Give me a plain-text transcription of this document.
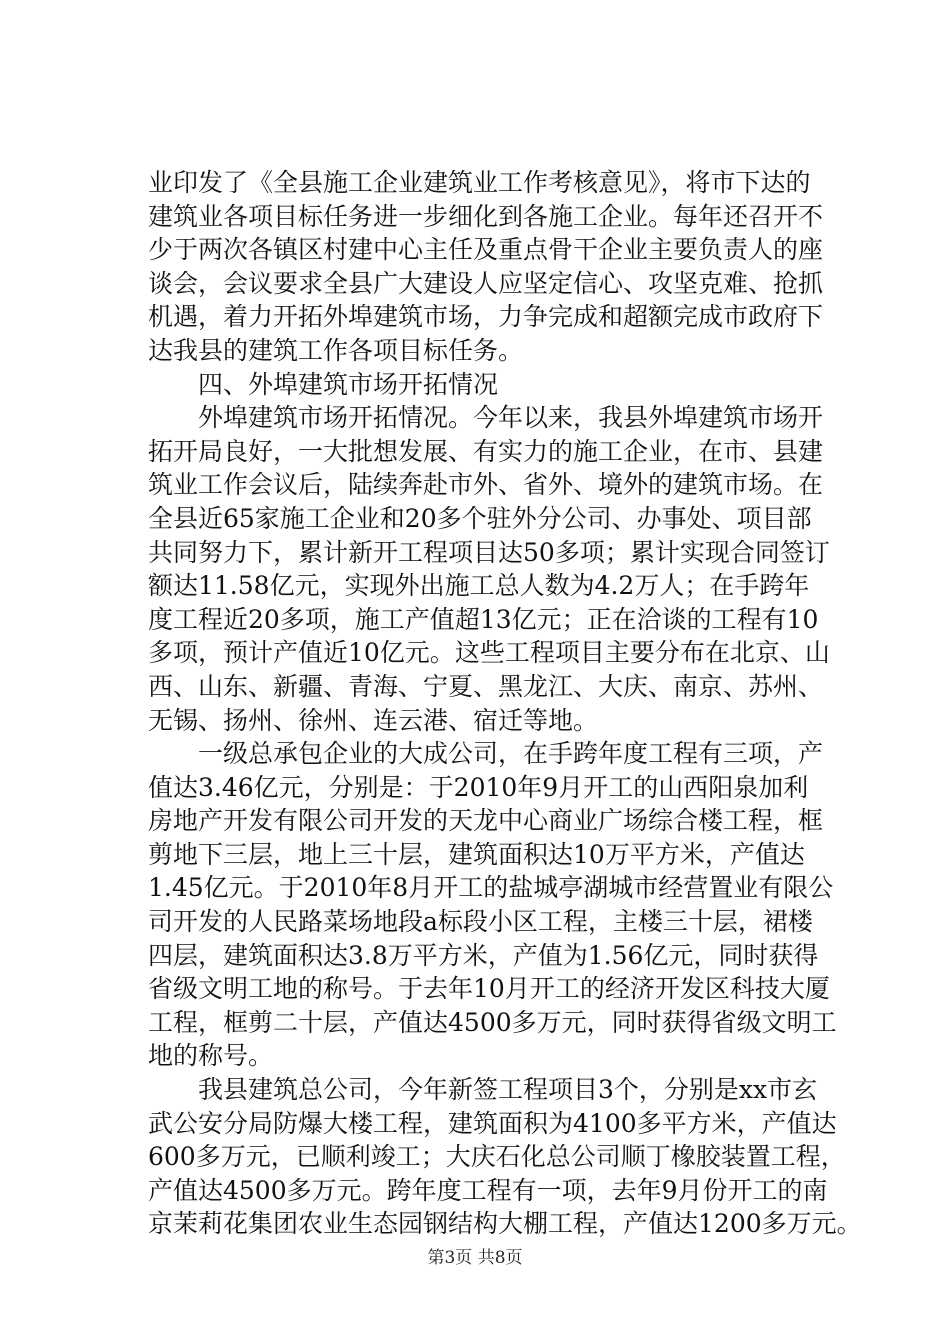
业印发了《全县施工企业建筑业工作考核意见》，将市下达的
建筑业各项目标任务进一步细化到各施工企业。每年还召开不
少于两次各镇区村建中心主任及重点骨干企业主要负责人的座
谈会，会议要求全县广大建设人应坚定信心、攻坚克难、抢抓
机遇，着力开拓外埠建筑市场，力争完成和超额完成市政府下
达我县的建筑工作各项目标任务。
　　四、外埠建筑市场开拓情况
　　外埠建筑市场开拓情况。今年以来，我县外埠建筑市场开
拓开局良好，一大批想发展、有实力的施工企业，在市、县建
筑业工作会议后，陆续奔赴市外、省外、境外的建筑市场。在
全县近65家施工企业和20多个驻外分公司、办事处、项目部
共同努力下，累计新开工程项目达50多项；累计实现合同签订
额达11.58亿元，实现外出施工总人数为4.2万人；在手跨年
度工程近20多项，施工产值超13亿元；正在洽谈的工程有10
多项，预计产值近10亿元。这些工程项目主要分布在北京、山
西、山东、新疆、青海、宁夏、黑龙江、大庆、南京、苏州、
无锡、扬州、徐州、连云港、宿迁等地。
　　一级总承包企业的大成公司，在手跨年度工程有三项，产
值达3.46亿元，分别是：于2010年9月开工的山西阳泉加利
房地产开发有限公司开发的天龙中心商业广场综合楼工程，框
剪地下三层，地上三十层，建筑面积达10万平方米，产值达
1.45亿元。于2010年8月开工的盐城亭湖城市经营置业有限公
司开发的人民路菜场地段a标段小区工程，主楼三十层，裙楼
四层，建筑面积达3.8万平方米，产值为1.56亿元，同时获得
省级文明工地的称号。于去年10月开工的经济开发区科技大厦
工程，框剪二十层，产值达4500多万元，同时获得省级文明工
地的称号。
　　我县建筑总公司，今年新签工程项目3个，分别是xx市玄
武公安分局防爆大楼工程，建筑面积为4100多平方米，产值达
600多万元，已顺利竣工；大庆石化总公司顺丁橡胶装置工程，
产值达4500多万元。跨年度工程有一项，去年9月份开工的南
京茉莉花集团农业生态园钢结构大棚工程，产值达1200多万元。
第3页 共8页
